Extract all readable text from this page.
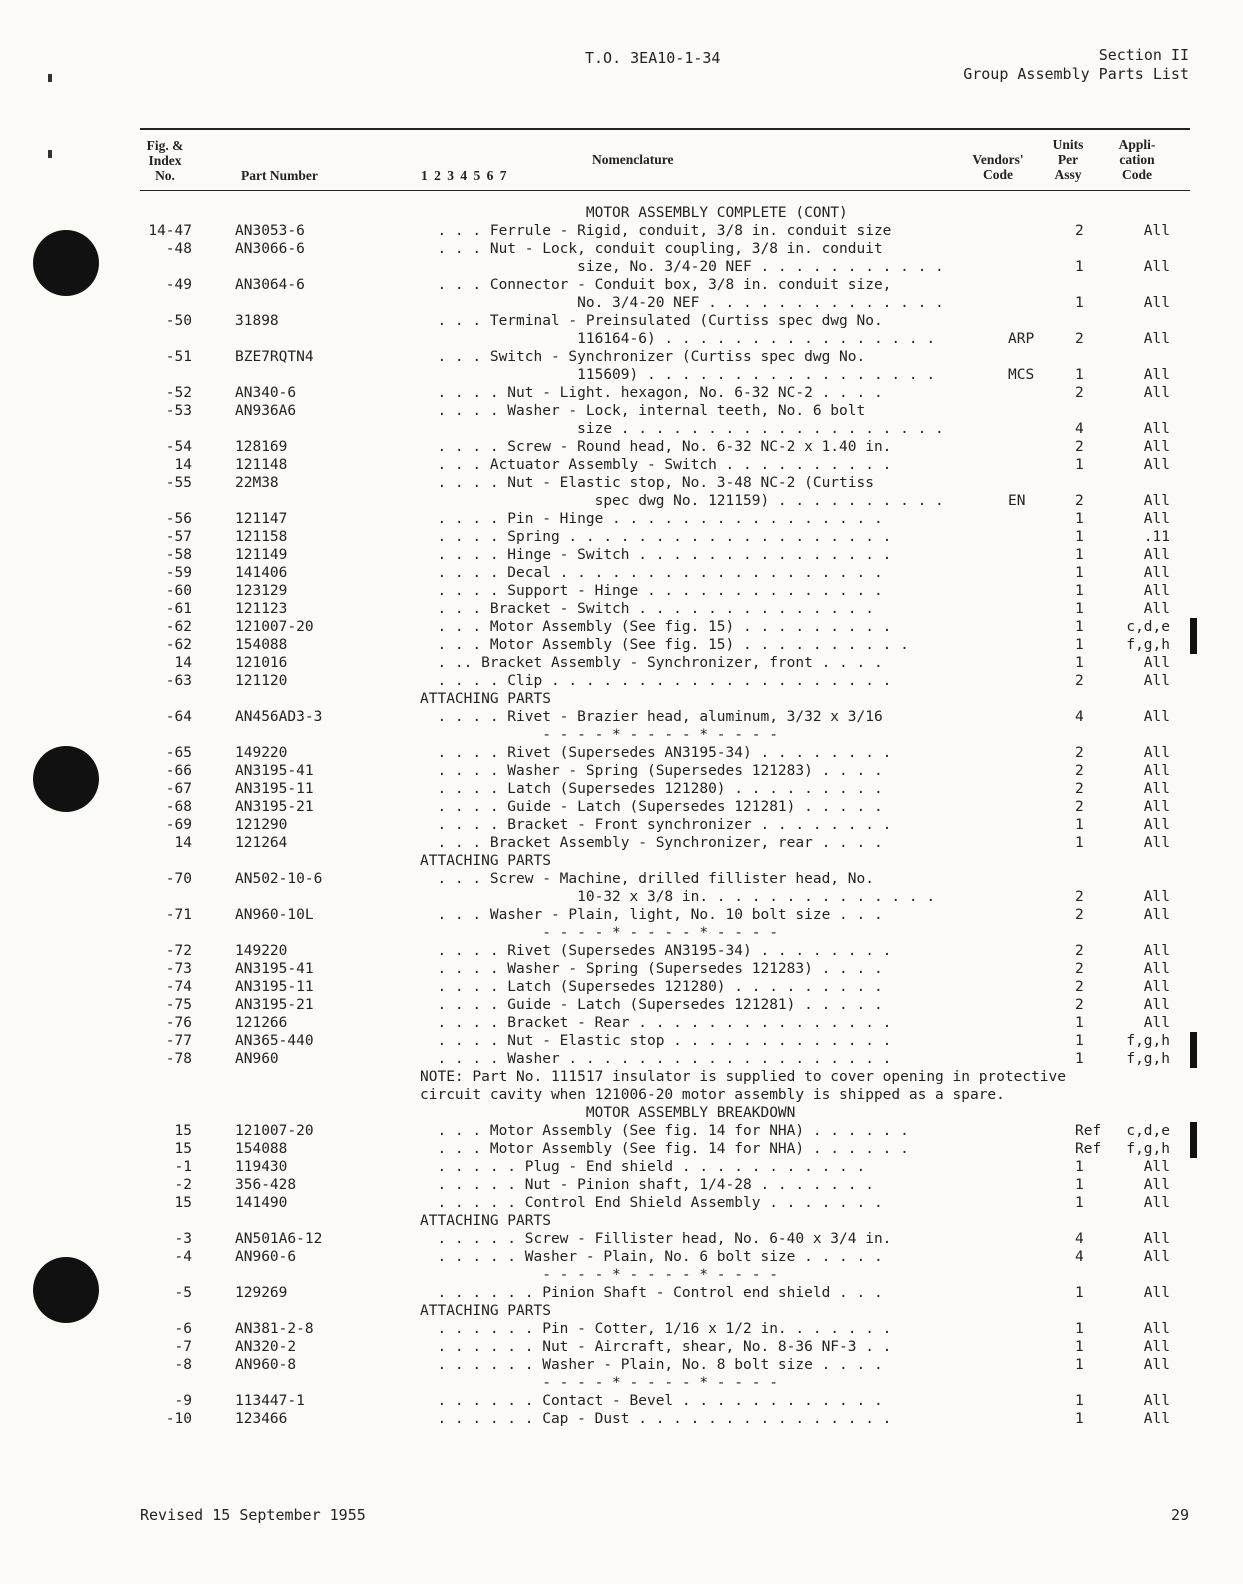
T.O. 3EA10-1-34	Section II
Group Assembly Parts List
Fig. &
Index
No.	Part Number	1 2 3 4 5 6 7
Nomenclature	Vendors'
Code
Units
Per
Assy
Appli-
cation
Code
MOTOR ASSEMBLY COMPLETE (CONT)
14-47	AN3053-6	. . . Ferrule - Rigid, conduit, 3/8 in. conduit size	2	All
-48	AN3066-6	. . . Nut - Lock, conduit coupling, 3/8 in. conduit
size, No. 3/4-20 NEF . . . . . . . . . . .	1	All
-49	AN3064-6	. . . Connector - Conduit box, 3/8 in. conduit size,
No. 3/4-20 NEF . . . . . . . . . . . . . .	1	All
-50	31898	. . . Terminal - Preinsulated (Curtiss spec dwg No.
116164-6) . . . . . . . . . . . . . . . .	ARP	2	All
-51	BZE7RQTN4	. . . Switch - Synchronizer (Curtiss spec dwg No.
115609) . . . . . . . . . . . . . . . . .	MCS	1	All
-52	AN340-6	. . . . Nut - Light. hexagon, No. 6-32 NC-2 . . . .	2	All
-53	AN936A6	. . . . Washer - Lock, internal teeth, No. 6 bolt
size . . . . . . . . . . . . . . . . . . .	4	All
-54	128169	. . . . Screw - Round head, No. 6-32 NC-2 x 1.40 in.	2	All
14	121148	. . . Actuator Assembly - Switch . . . . . . . . . .	1	All
-55	22M38	. . . . Nut - Elastic stop, No. 3-48 NC-2 (Curtiss
spec dwg No. 121159) . . . . . . . . . .	EN	2	All
-56	121147	. . . . Pin - Hinge . . . . . . . . . . . . . . . .	1	All
-57	121158	. . . . Spring . . . . . . . . . . . . . . . . . . .	1	.11
-58	121149	. . . . Hinge - Switch . . . . . . . . . . . . . . .	1	All
-59	141406	. . . . Decal . . . . . . . . . . . . . . . . . . .	1	All
-60	123129	. . . . Support - Hinge . . . . . . . . . . . . . .	1	All
-61	121123	. . . Bracket - Switch . . . . . . . . . . . . . .	1	All
-62	121007-20	. . . Motor Assembly (See fig. 15) . . . . . . . . .	1	c,d,e
-62	154088	. . . Motor Assembly (See fig. 15) . . . . . . . . . .	1	f,g,h
14	121016	. .. Bracket Assembly - Synchronizer, front . . . .	1	All
-63	121120	. . . . Clip . . . . . . . . . . . . . . . . . . . .	2	All
ATTACHING PARTS
-64	AN456AD3-3	. . . . Rivet - Brazier head, aluminum, 3/32 x 3/16	4	All
- - - - * - - - - * - - - -
-65	149220	. . . . Rivet (Supersedes AN3195-34) . . . . . . . .	2	All
-66	AN3195-41	. . . . Washer - Spring (Supersedes 121283) . . . .	2	All
-67	AN3195-11	. . . . Latch (Supersedes 121280) . . . . . . . . .	2	All
-68	AN3195-21	. . . . Guide - Latch (Supersedes 121281) . . . . .	2	All
-69	121290	. . . . Bracket - Front synchronizer . . . . . . . .	1	All
14	121264	. . . Bracket Assembly - Synchronizer, rear . . . .	1	All
ATTACHING PARTS
-70	AN502-10-6	. . . Screw - Machine, drilled fillister head, No.
10-32 x 3/8 in. . . . . . . . . . . . . .	2	All
-71	AN960-10L	. . . Washer - Plain, light, No. 10 bolt size . . .	2	All
- - - - * - - - - * - - - -
-72	149220	. . . . Rivet (Supersedes AN3195-34) . . . . . . . .	2	All
-73	AN3195-41	. . . . Washer - Spring (Supersedes 121283) . . . .	2	All
-74	AN3195-11	. . . . Latch (Supersedes 121280) . . . . . . . . .	2	All
-75	AN3195-21	. . . . Guide - Latch (Supersedes 121281) . . . . .	2	All
-76	121266	. . . . Bracket - Rear . . . . . . . . . . . . . . .	1	All
-77	AN365-440	. . . . Nut - Elastic stop . . . . . . . . . . . . .	1	f,g,h
-78	AN960	. . . . Washer . . . . . . . . . . . . . . . . . . .	1	f,g,h
NOTE: Part No. 111517 insulator is supplied to cover opening in protective
circuit cavity when 121006-20 motor assembly is shipped as a spare.
MOTOR ASSEMBLY BREAKDOWN
15	121007-20	. . . Motor Assembly (See fig. 14 for NHA) . . . . . .	Ref	c,d,e
15	154088	. . . Motor Assembly (See fig. 14 for NHA) . . . . . .	Ref	f,g,h
-1	119430	. . . . . Plug - End shield . . . . . . . . . . .	1	All
-2	356-428	. . . . . Nut - Pinion shaft, 1/4-28 . . . . . . .	1	All
15	141490	. . . . . Control End Shield Assembly . . . . . . .	1	All
ATTACHING PARTS
-3	AN501A6-12	. . . . . Screw - Fillister head, No. 6-40 x 3/4 in.	4	All
-4	AN960-6	. . . . . Washer - Plain, No. 6 bolt size . . . . .	4	All
- - - - * - - - - * - - - -
-5	129269	. . . . . . Pinion Shaft - Control end shield . . .	1	All
ATTACHING PARTS
-6	AN381-2-8	. . . . . . Pin - Cotter, 1/16 x 1/2 in. . . . . . .	1	All
-7	AN320-2	. . . . . . Nut - Aircraft, shear, No. 8-36 NF-3 . .	1	All
-8	AN960-8	. . . . . . Washer - Plain, No. 8 bolt size . . . .	1	All
- - - - * - - - - * - - - -
-9	113447-1	. . . . . . Contact - Bevel . . . . . . . . . . . .	1	All
-10	123466	. . . . . . Cap - Dust . . . . . . . . . . . . . . .	1	All
Revised 15 September 1955	29
